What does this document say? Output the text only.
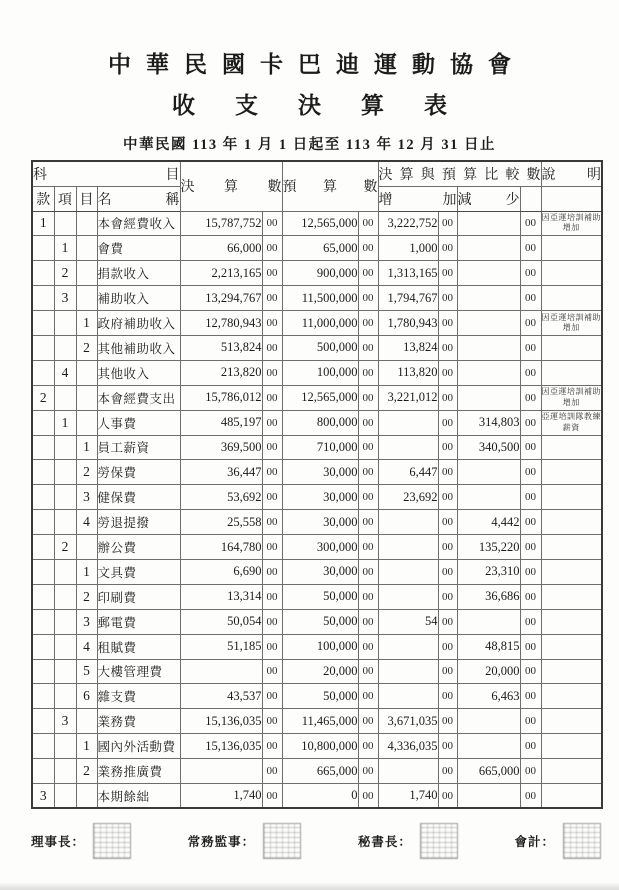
中華民國卡巴迪運動協會
收支決算表
中華民國 113 年 1 月 1 日起至 113 年 12 月 31 日止
科目				決算數		預算數		決算與預算比較數				說明
款	項	目	名稱					增加		減少		
1			本會經費收入	15,787,752	00	12,565,000	00	3,222,752	00		00	因亞運培訓補助增加
	1		會費	66,000	00	65,000	00	1,000	00		00	
	2		捐款收入	2,213,165	00	900,000	00	1,313,165	00		00	
	3		補助收入	13,294,767	00	11,500,000	00	1,794,767	00		00	
		1	政府補助收入	12,780,943	00	11,000,000	00	1,780,943	00		00	因亞運培訓補助增加
		2	其他補助收入	513,824	00	500,000	00	13,824	00		00	
	4		其他收入	213,820	00	100,000	00	113,820	00		00	
2			本會經費支出	15,786,012	00	12,565,000	00	3,221,012	00		00	因亞運培訓補助增加
	1		人事費	485,197	00	800,000	00		00	314,803	00	亞運培訓隊教練薪資
		1	員工薪資	369,500	00	710,000	00		00	340,500	00	
		2	勞保費	36,447	00	30,000	00	6,447	00		00	
		3	健保費	53,692	00	30,000	00	23,692	00		00	
		4	勞退提撥	25,558	00	30,000	00		00	4,442	00	
	2		辦公費	164,780	00	300,000	00		00	135,220	00	
		1	文具費	6,690	00	30,000	00		00	23,310	00	
		2	印刷費	13,314	00	50,000	00		00	36,686	00	
		3	郵電費	50,054	00	50,000	00	54	00		00	
		4	租賦費	51,185	00	100,000	00		00	48,815	00	
		5	大樓管理費		00	20,000	00		00	20,000	00	
		6	雜支費	43,537	00	50,000	00		00	6,463	00	
	3		業務費	15,136,035	00	11,465,000	00	3,671,035	00		00	
		1	國內外活動費	15,136,035	00	10,800,000	00	4,336,035	00		00	
		2	業務推廣費		00	665,000	00		00	665,000	00	
3			本期餘絀	1,740	00	0	00	1,740	00		00	
理事長：	常務監事：	秘書長：	會計：
